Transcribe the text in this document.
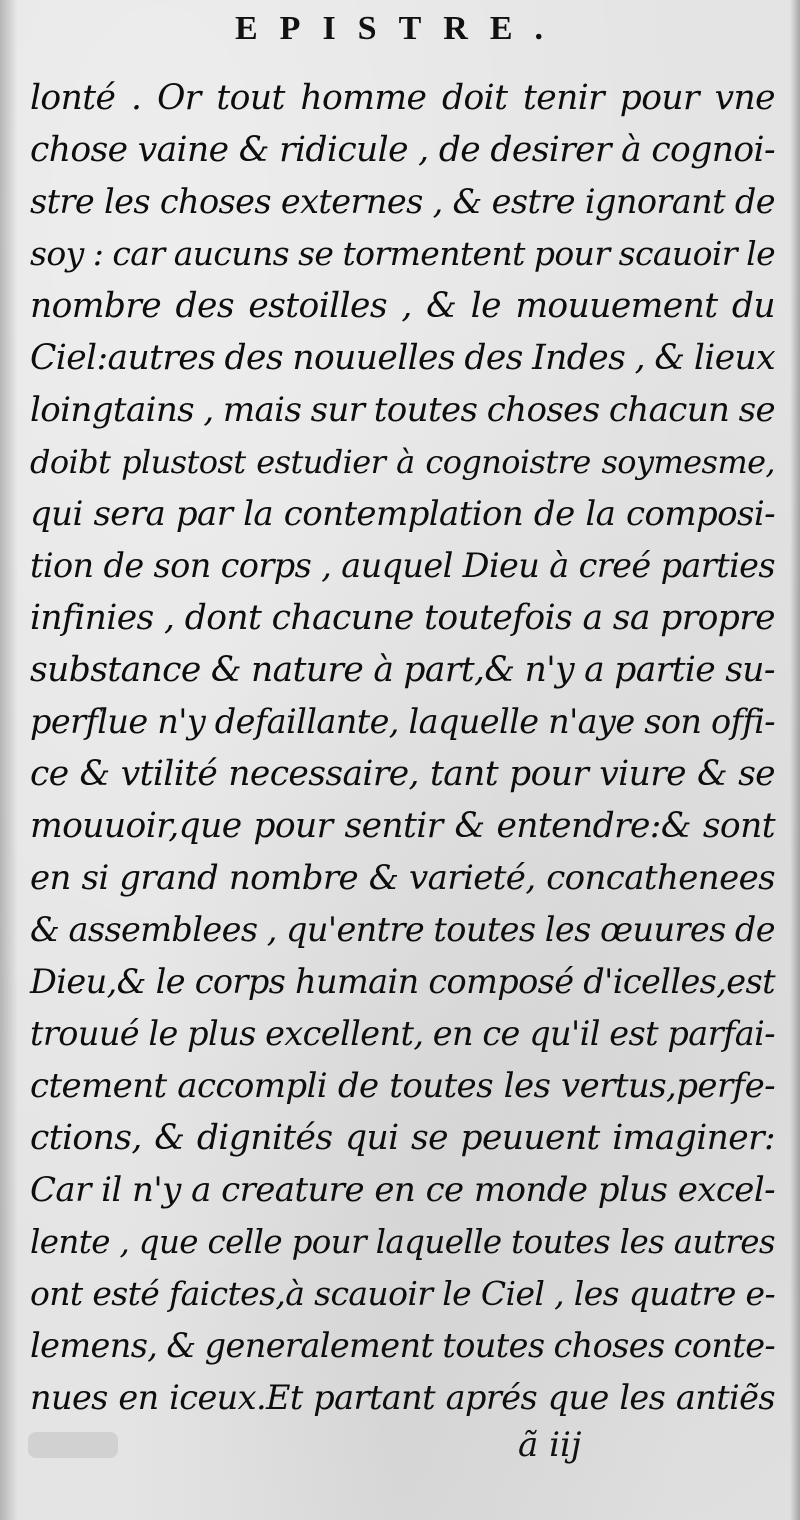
EPISTRE.
lonté . Or tout homme doit tenir pour vne
chose vaine & ridicule , de desirer à cognoi-
stre les choses externes , & estre ignorant de
soy : car aucuns se tormentent pour scauoir le
nombre des estoilles , & le mouuement du
Ciel:autres des nouuelles des Indes , & lieux
loingtains , mais sur toutes choses chacun se
doibt plustost estudier à cognoistre soymesme,
qui sera par la contemplation de la composi-
tion de son corps , auquel Dieu à creé parties
infinies , dont chacune toutefois a sa propre
substance & nature à part,& n'y a partie su-
perflue n'y defaillante, laquelle n'aye son offi-
ce & vtilité necessaire, tant pour viure & se
mouuoir,que pour sentir & entendre:& sont
en si grand nombre & varieté, concathenees
& assemblees , qu'entre toutes les œuures de
Dieu,& le corps humain composé d'icelles,est
trouué le plus excellent, en ce qu'il est parfai-
ctement accompli de toutes les vertus,perfe-
ctions, & dignités qui se peuuent imaginer:
Car il n'y a creature en ce monde plus excel-
lente , que celle pour laquelle toutes les autres
ont esté faictes,à scauoir le Ciel , les quatre e-
lemens, & generalement toutes choses conte-
nues en iceux.Et partant aprés que les antiẽs
ã iij
